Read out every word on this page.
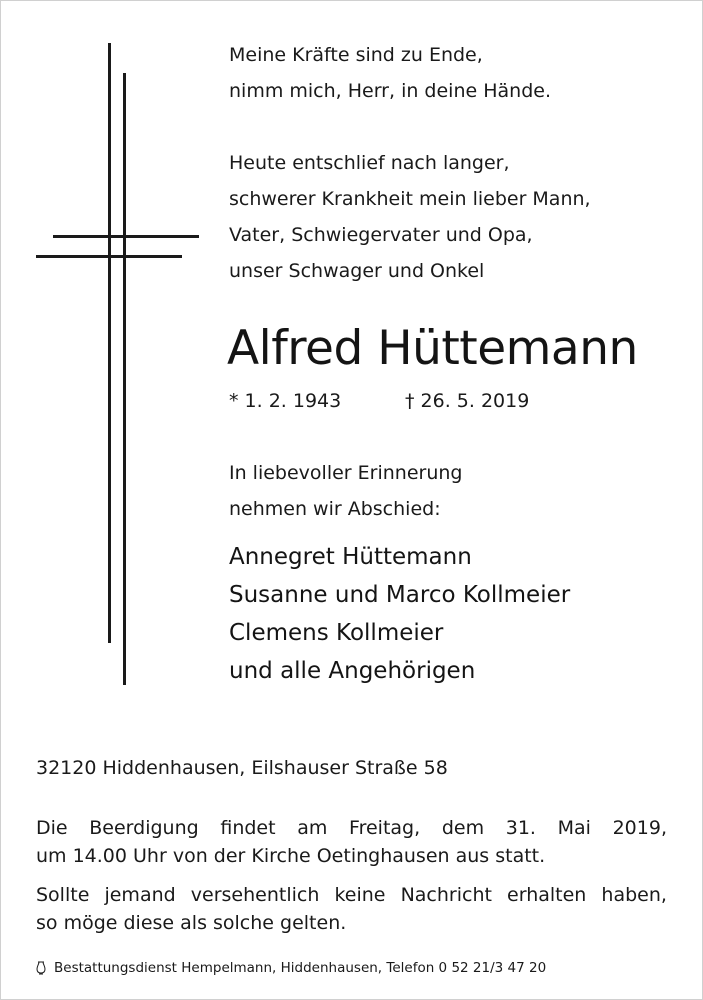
Meine Kräfte sind zu Ende,
nimm mich, Herr, in deine Hände.
Heute entschlief nach langer,
schwerer Krankheit mein lieber Mann,
Vater, Schwiegervater und Opa,
unser Schwager und Onkel
Alfred Hüttemann
* 1. 2. 1943	† 26. 5. 2019
In liebevoller Erinnerung
nehmen wir Abschied:
Annegret Hüttemann
Susanne und Marco Kollmeier
Clemens Kollmeier
und alle Angehörigen
32120 Hiddenhausen, Eilshauser Straße 58
Die Beerdigung findet am Freitag, dem 31. Mai 2019,
um 14.00 Uhr von der Kirche Oetinghausen aus statt.
Sollte jemand versehentlich keine Nachricht erhalten haben,
so möge diese als solche gelten.
Bestattungsdienst Hempelmann, Hiddenhausen, Telefon 0 52 21/3 47 20
